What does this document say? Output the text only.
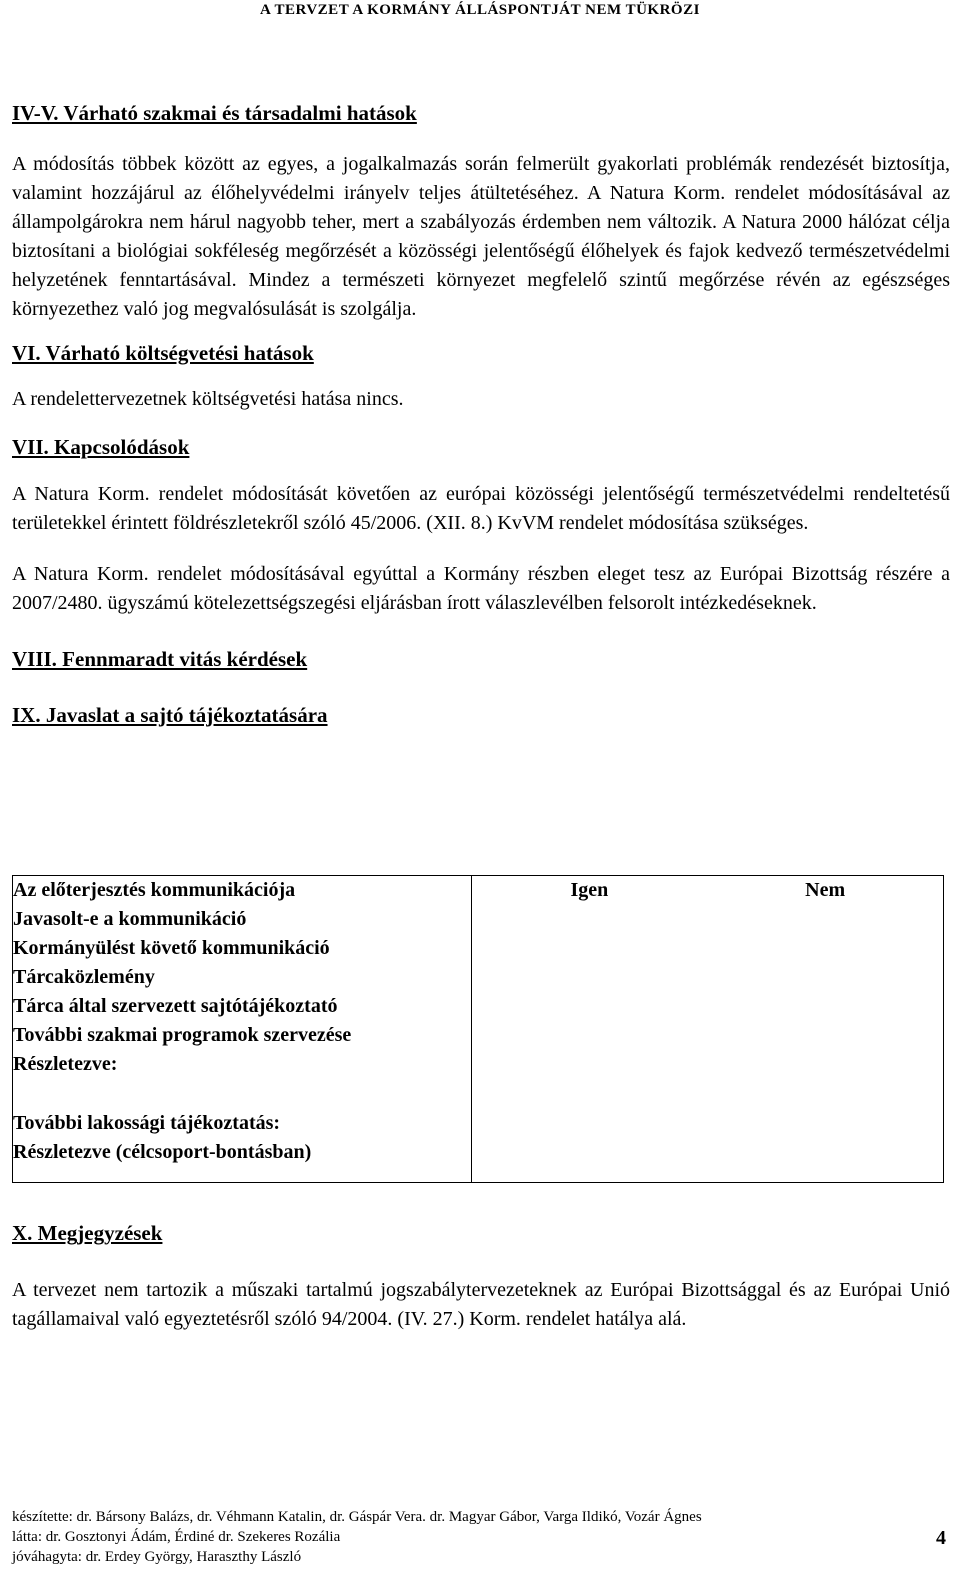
A TERVZET A KORMÁNY ÁLLÁSPONTJÁT NEM TÜKRÖZI
IV-V. Várható szakmai és társadalmi hatások

A módosítás többek között az egyes, a jogalkalmazás során felmerült gyakorlati problémák rendezését biztosítja, valamint hozzájárul az élőhelyvédelmi irányelv teljes átültetéséhez. A Natura Korm. rendelet módosításával az állampolgárokra nem hárul nagyobb teher, mert a szabályozás érdemben nem változik. A Natura 2000 hálózat célja biztosítani a biológiai sokféleség megőrzését a közösségi jelentőségű élőhelyek és fajok kedvező természetvédelmi helyzetének fenntartásával. Mindez a természeti környezet megfelelő szintű megőrzése révén az egészséges környezethez való jog megvalósulását is szolgálja.

VI. Várható költségvetési hatások

A rendelettervezetnek költségvetési hatása nincs.

VII. Kapcsolódások

A Natura Korm. rendelet módosítását követően az európai közösségi jelentőségű természetvédelmi rendeltetésű területekkel érintett földrészletekről szóló 45/2006. (XII. 8.) KvVM rendelet módosítása szükséges.

A Natura Korm. rendelet módosításával egyúttal a Kormány részben eleget tesz az Európai Bizottság részére a 2007/2480. ügyszámú kötelezettségszegési eljárásban írott válaszlevélben felsorolt intézkedéseknek.

VIII. Fennmaradt vitás kérdések
IX. Javaslat a sajtó tájékoztatására
Az előterjesztés kommunikációja	Igen	Nem
Javasolt-e a kommunikáció		
Kormányülést követő kommunikáció		
Tárcaközlemény		
Tárca által szervezett sajtótájékoztató		
További szakmai programok szervezése		
Részletezve:		
További lakossági tájékoztatás:		
Részletezve (célcsoport-bontásban)		
X. Megjegyzések

A tervezet nem tartozik a műszaki tartalmú jogszabálytervezeteknek az Európai Bizottsággal és az Európai Unió tagállamaival való egyeztetésről szóló 94/2004. (IV. 27.) Korm. rendelet hatálya alá.

készítette: dr. Bársony Balázs, dr. Véhmann Katalin, dr. Gáspár Vera. dr. Magyar Gábor, Varga Ildikó, Vozár Ágnes
látta: dr. Gosztonyi Ádám, Érdiné dr. Szekeres Rozália
jóváhagyta: dr. Erdey György, Haraszthy László
4
